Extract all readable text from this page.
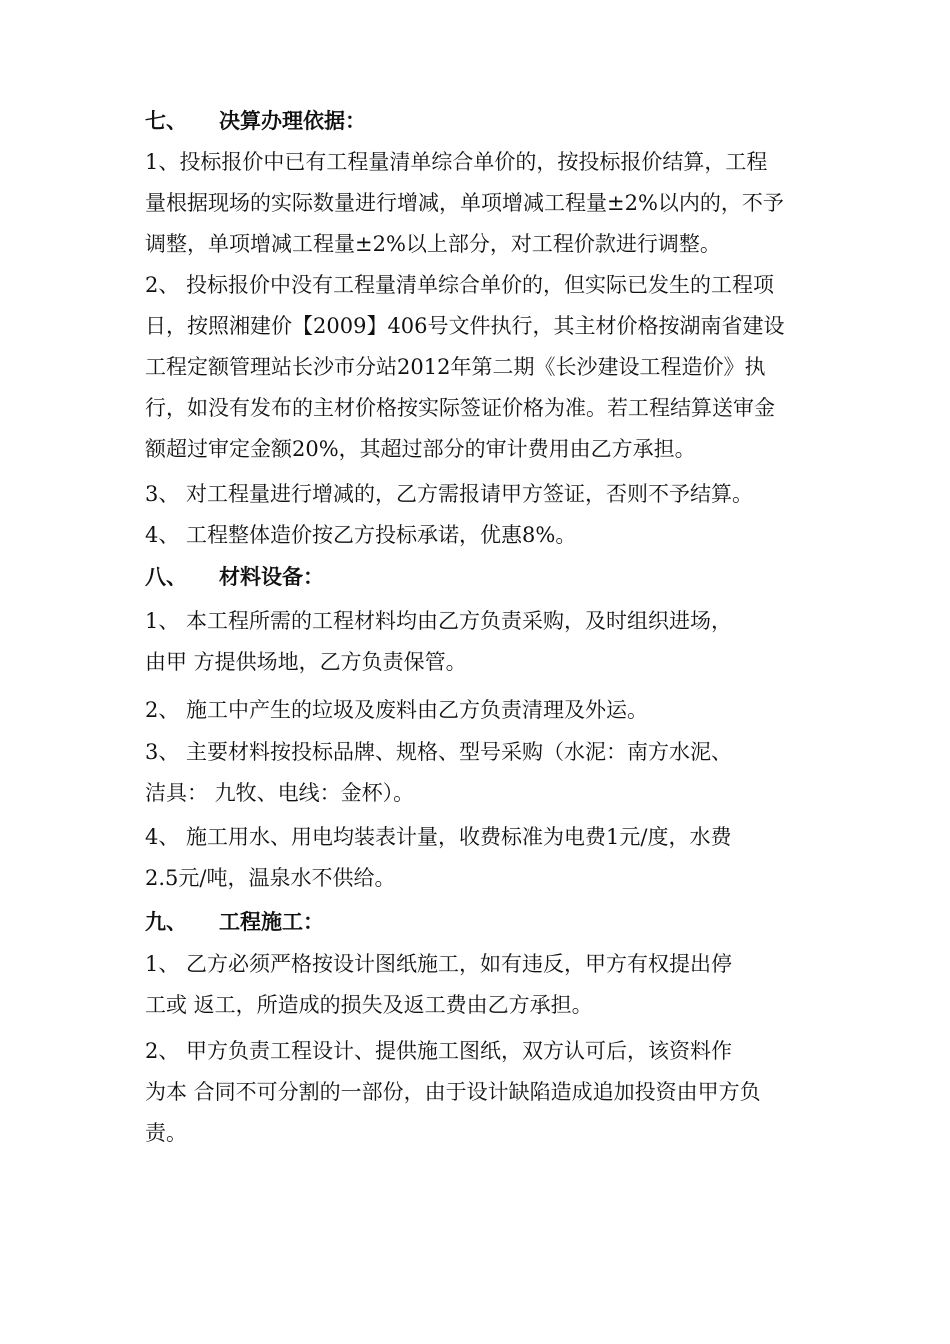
七、 决算办理依据：
1、投标报价中已有工程量清单综合单价的，按投标报价结算，工程
量根据现场的实际数量进行增减，单项增减工程量±2%以内的，不予
调整，单项增减工程量±2%以上部分，对工程价款进行调整。
2、 投标报价中没有工程量清单综合单价的，但实际已发生的工程项
日，按照湘建价【2009】406号文件执行，其主材价格按湖南省建设
工程定额管理站长沙市分站2012年第二期《长沙建设工程造价》执
行，如没有发布的主材价格按实际签证价格为准。若工程结算送审金
额超过审定金额20%，其超过部分的审计费用由乙方承担。
3、 对工程量进行增减的，乙方需报请甲方签证，否则不予结算。
4、 工程整体造价按乙方投标承诺，优惠8%。
八、 材料设备：
1、 本工程所需的工程材料均由乙方负责采购，及时组织进场，
由甲 方提供场地，乙方负责保管。
2、 施工中产生的垃圾及废料由乙方负责清理及外运。
3、 主要材料按投标品牌、规格、型号采购（水泥：南方水泥、
洁具： 九牧、电线：金杯）。
4、 施工用水、用电均装表计量，收费标准为电费1元/度，水费
2.5元/吨，温泉水不供给。
九、 工程施工：
1、 乙方必须严格按设计图纸施工，如有违反，甲方有权提出停
工或 返工，所造成的损失及返工费由乙方承担。
2、 甲方负责工程设计、提供施工图纸，双方认可后，该资料作
为本 合同不可分割的一部份，由于设计缺陷造成追加投资由甲方负
责。
